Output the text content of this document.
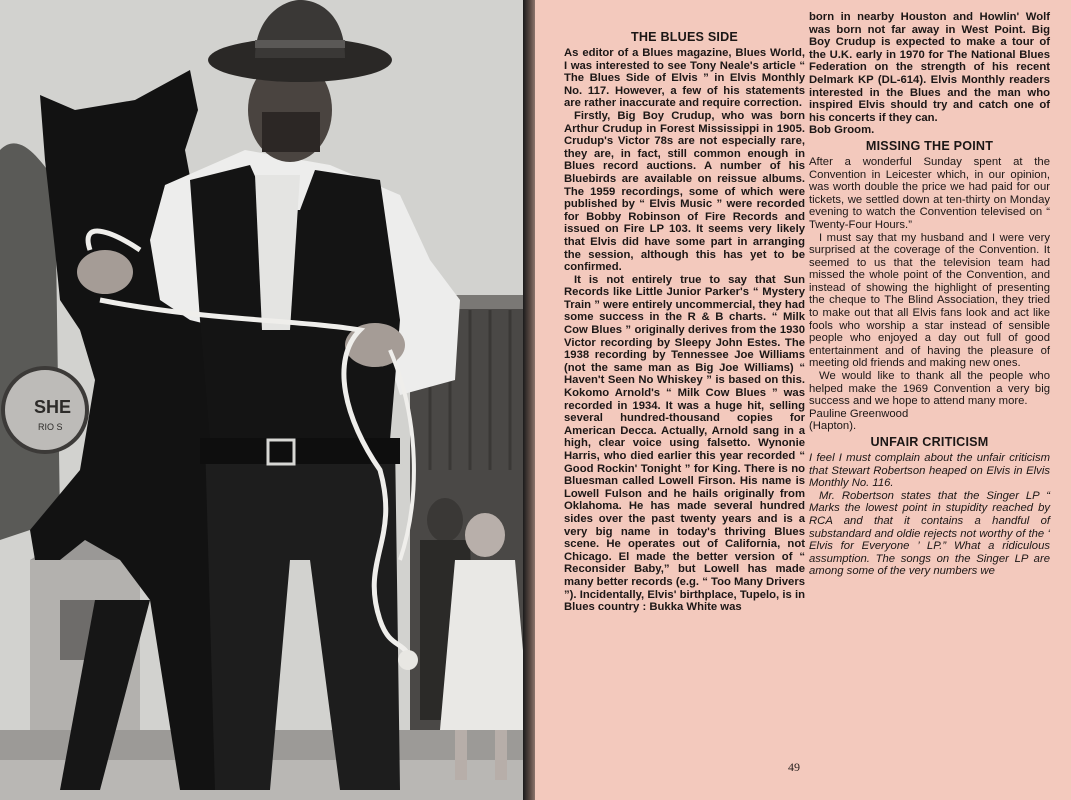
SHE
RIO S
THE BLUES SIDE

As editor of a Blues magazine, Blues World, I was interested to see Tony Neale's article “ The Blues Side of Elvis ” in Elvis Monthly No. 117. However, a few of his statements are rather inaccurate and require correction.

Firstly, Big Boy Crudup, who was born Arthur Crudup in Forest Mississippi in 1905. Crudup's Victor 78s are not especially rare, they are, in fact, still common enough in Blues record auctions. A number of his Bluebirds are available on reissue albums. The 1959 recordings, some of which were published by “ Elvis Music ” were recorded for Bobby Robinson of Fire Records and issued on Fire LP 103. It seems very likely that Elvis did have some part in arranging the session, although this has yet to be confirmed.

It is not entirely true to say that Sun Records like Little Junior Parker's “ Mystery Train ” were entirely uncommercial, they had some success in the R & B charts. “ Milk Cow Blues ” originally derives from the 1930 Victor recording by Sleepy John Estes. The 1938 recording by Tennessee Joe Williams (not the same man as Big Joe Williams) “ Haven't Seen No Whiskey ” is based on this. Kokomo Arnold's “ Milk Cow Blues ” was recorded in 1934. It was a huge hit, selling several hundred-thousand copies for American Decca. Actually, Arnold sang in a high, clear voice using falsetto. Wynonie Harris, who died earlier this year recorded “ Good Rockin' Tonight ” for King. There is no Bluesman called Lowell Firson. His name is Lowell Fulson and he hails originally from Oklahoma. He has made several hundred sides over the past twenty years and is a very big name in today's thriving Blues scene. He operates out of California, not Chicago. El made the better version of “ Reconsider Baby,” but Lowell has made many better records (e.g. “ Too Many Drivers ”). Incidentally, Elvis' birthplace, Tupelo, is in Blues country : Bukka White was

born in nearby Houston and Howlin' Wolf was born not far away in West Point. Big Boy Crudup is expected to make a tour of the U.K. early in 1970 for The National Blues Federation on the strength of his recent Delmark KP (DL-614). Elvis Monthly readers interested in the Blues and the man who inspired Elvis should try and catch one of his concerts if they can.

Bob Groom.

MISSING THE POINT

After a wonderful Sunday spent at the Convention in Leicester which, in our opinion, was worth double the price we had paid for our tickets, we settled down at ten-thirty on Monday evening to watch the Convention televised on “ Twenty-Four Hours.”

I must say that my husband and I were very surprised at the coverage of the Convention. It seemed to us that the television team had missed the whole point of the Convention, and instead of showing the highlight of presenting the cheque to The Blind Association, they tried to make out that all Elvis fans look and act like fools who worship a star instead of sensible people who enjoyed a day out full of good entertainment and of having the pleasure of meeting old friends and making new ones.

We would like to thank all the people who helped make the 1969 Convention a very big success and we hope to attend many more.

Pauline Greenwood

(Hapton).

UNFAIR CRITICISM

I feel I must complain about the unfair criticism that Stewart Robertson heaped on Elvis in Elvis Monthly No. 116.

Mr. Robertson states that the Singer LP “ Marks the lowest point in stupidity reached by RCA and that it contains a handful of substandard and oldie rejects not worthy of the ‘ Elvis for Everyone ’ LP.” What a ridiculous assumption. The songs on the Singer LP are among some of the very numbers we

49
